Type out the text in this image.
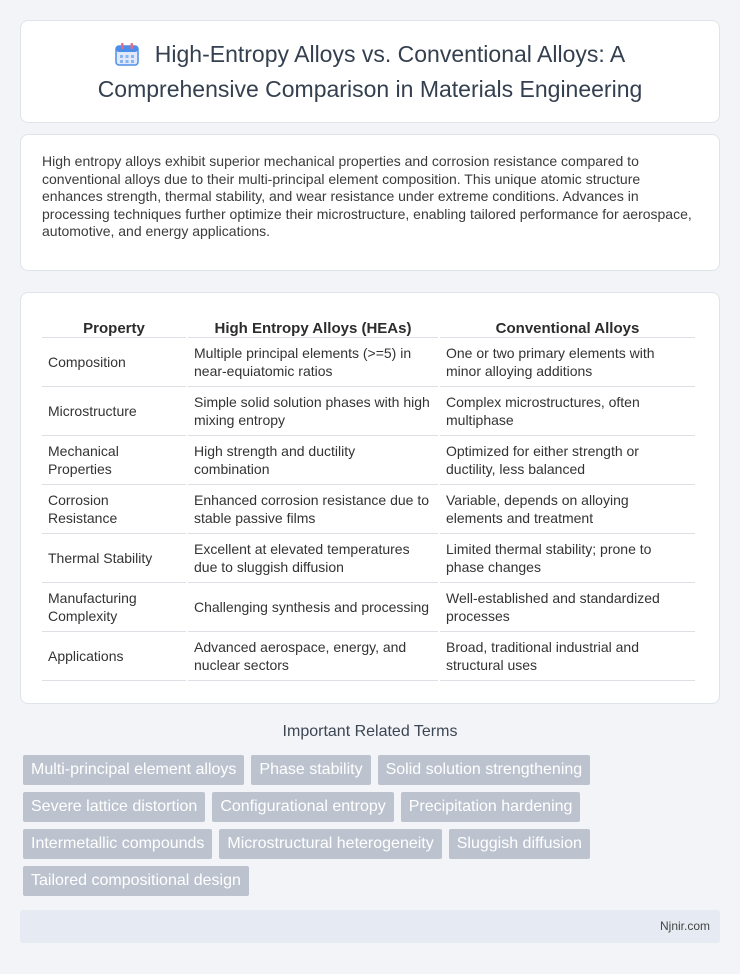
High-Entropy Alloys vs. Conventional Alloys: A Comprehensive Comparison in Materials Engineering

High entropy alloys exhibit superior mechanical properties and corrosion resistance compared to conventional alloys due to their multi-principal element composition. This unique atomic structure enhances strength, thermal stability, and wear resistance under extreme conditions. Advances in processing techniques further optimize their microstructure, enabling tailored performance for aerospace, automotive, and energy applications.

Property	High Entropy Alloys (HEAs)	Conventional Alloys
Composition	Multiple principal elements (>=5) in near-equiatomic ratios	One or two primary elements with minor alloying additions
Microstructure	Simple solid solution phases with high mixing entropy	Complex microstructures, often multiphase
Mechanical Properties	High strength and ductility combination	Optimized for either strength or ductility, less balanced
Corrosion Resistance	Enhanced corrosion resistance due to stable passive films	Variable, depends on alloying elements and treatment
Thermal Stability	Excellent at elevated temperatures due to sluggish diffusion	Limited thermal stability; prone to phase changes
Manufacturing Complexity	Challenging synthesis and processing	Well-established and standardized processes
Applications	Advanced aerospace, energy, and nuclear sectors	Broad, traditional industrial and structural uses
Important Related Terms
Multi-principal element alloys	Phase stability	Solid solution strengthening
Severe lattice distortion	Configurational entropy	Precipitation hardening
Intermetallic compounds	Microstructural heterogeneity	Sluggish diffusion
Tailored compositional design
Njnir.com
